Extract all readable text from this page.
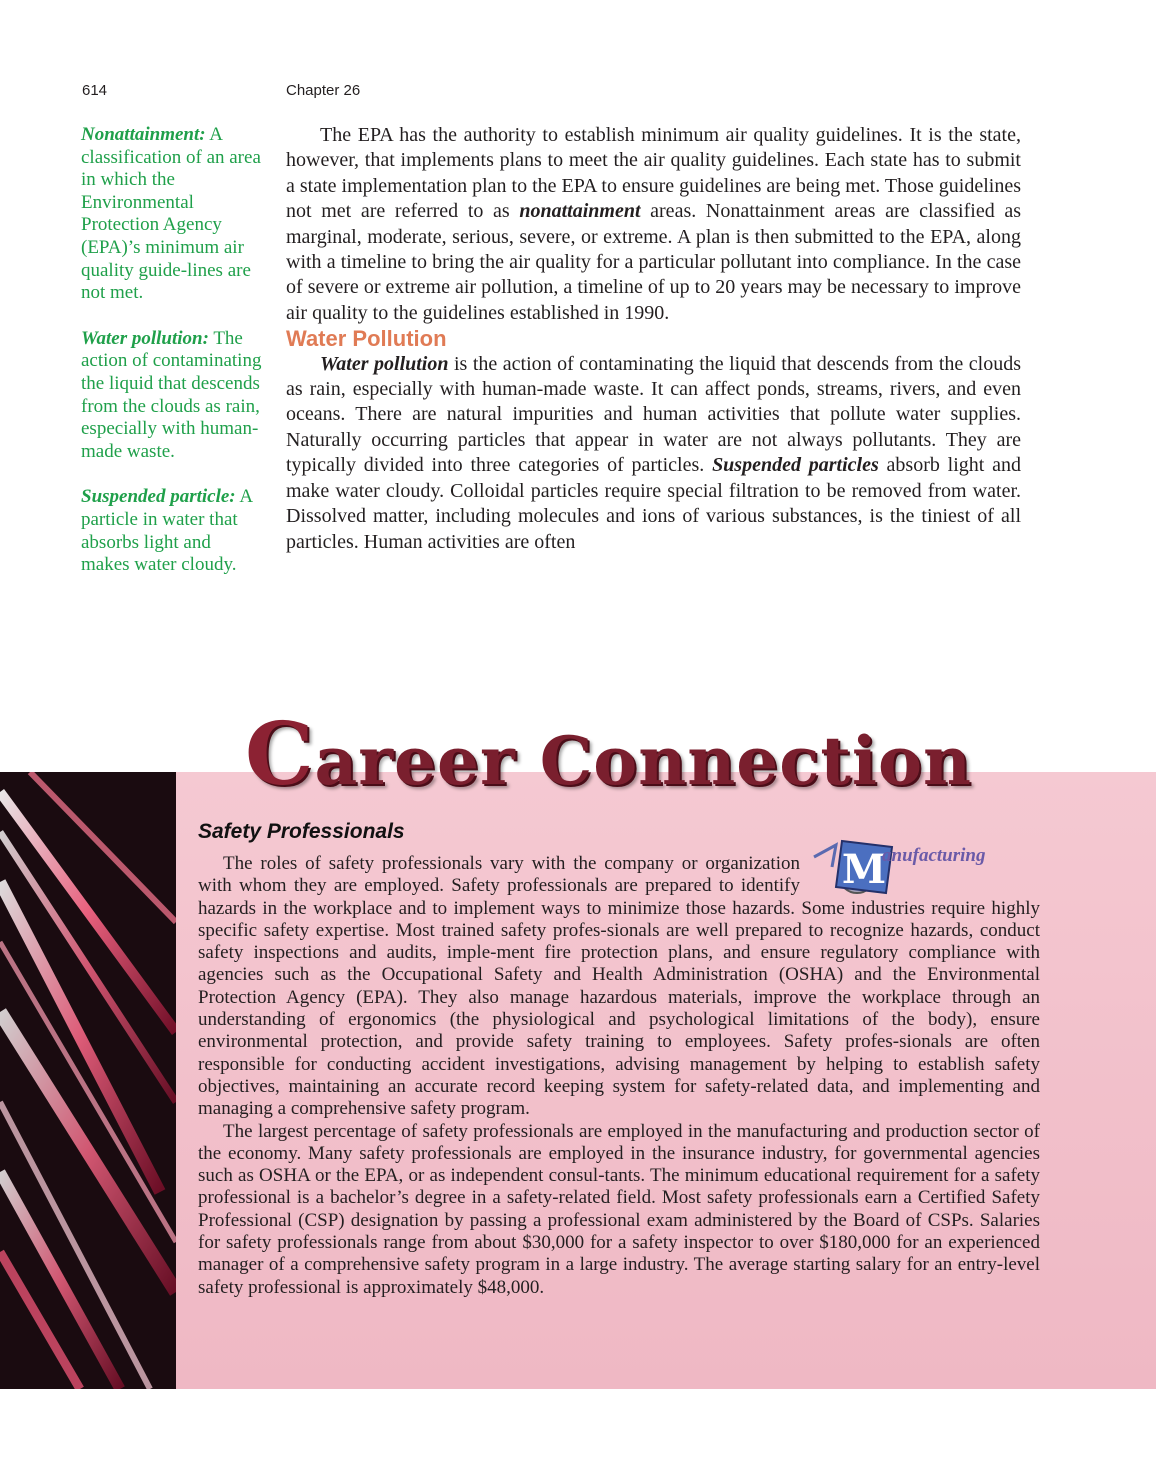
614	Chapter 26
Nonattainment: A classification of an area in which the Environmental Protection Agency (EPA)’s minimum air quality guide-lines are not met.
Water pollution: The action of contaminating the liquid that descends from the clouds as rain, especially with human-made waste.
Suspended particle: A particle in water that absorbs light and makes water cloudy.

The EPA has the authority to establish minimum air quality guidelines. It is the state, however, that implements plans to meet the air quality guidelines. Each state has to submit a state implementation plan to the EPA to ensure guidelines are being met. Those guidelines not met are referred to as nonattainment areas. Nonattainment areas are classified as marginal, moderate, serious, severe, or extreme. A plan is then submitted to the EPA, along with a timeline to bring the air quality for a particular pollutant into compliance. In the case of severe or extreme air pollution, a timeline of up to 20 years may be necessary to improve air quality to the guidelines established in 1990.

Water Pollution

Water pollution is the action of contaminating the liquid that descends from the clouds as rain, especially with human-made waste. It can affect ponds, streams, rivers, and even oceans. There are natural impurities and human activities that pollute water supplies. Naturally occurring particles that appear in water are not always pollutants. They are typically divided into three categories of particles. Suspended particles absorb light and make water cloudy. Colloidal particles require special filtration to be removed from water. Dissolved matter, including molecules and ions of various substances, is the tiniest of all particles. Human activities are often

Career Connection
Safety Professionals
M
anufacturing

The roles of safety professionals vary with the company or organization with whom they are employed. Safety professionals are prepared to identify hazards in the workplace and to implement ways to minimize those hazards. Some industries require highly specific safety expertise. Most trained safety profes-sionals are well prepared to recognize hazards, conduct safety inspections and audits, imple-ment fire protection plans, and ensure regulatory compliance with agencies such as the Occupational Safety and Health Administration (OSHA) and the Environmental Protection Agency (EPA). They also manage hazardous materials, improve the workplace through an understanding of ergonomics (the physiological and psychological limitations of the body), ensure environmental protection, and provide safety training to employees. Safety profes-sionals are often responsible for conducting accident investigations, advising management by helping to establish safety objectives, maintaining an accurate record keeping system for safety-related data, and implementing and managing a comprehensive safety program.

The largest percentage of safety professionals are employed in the manufacturing and production sector of the economy. Many safety professionals are employed in the insurance industry, for governmental agencies such as OSHA or the EPA, or as independent consul-tants. The minimum educational requirement for a safety professional is a bachelor’s degree in a safety-related field. Most safety professionals earn a Certified Safety Professional (CSP) designation by passing a professional exam administered by the Board of CSPs. Salaries for safety professionals range from about $30,000 for a safety inspector to over $180,000 for an experienced manager of a comprehensive safety program in a large industry. The average starting salary for an entry-level safety professional is approximately $48,000.
